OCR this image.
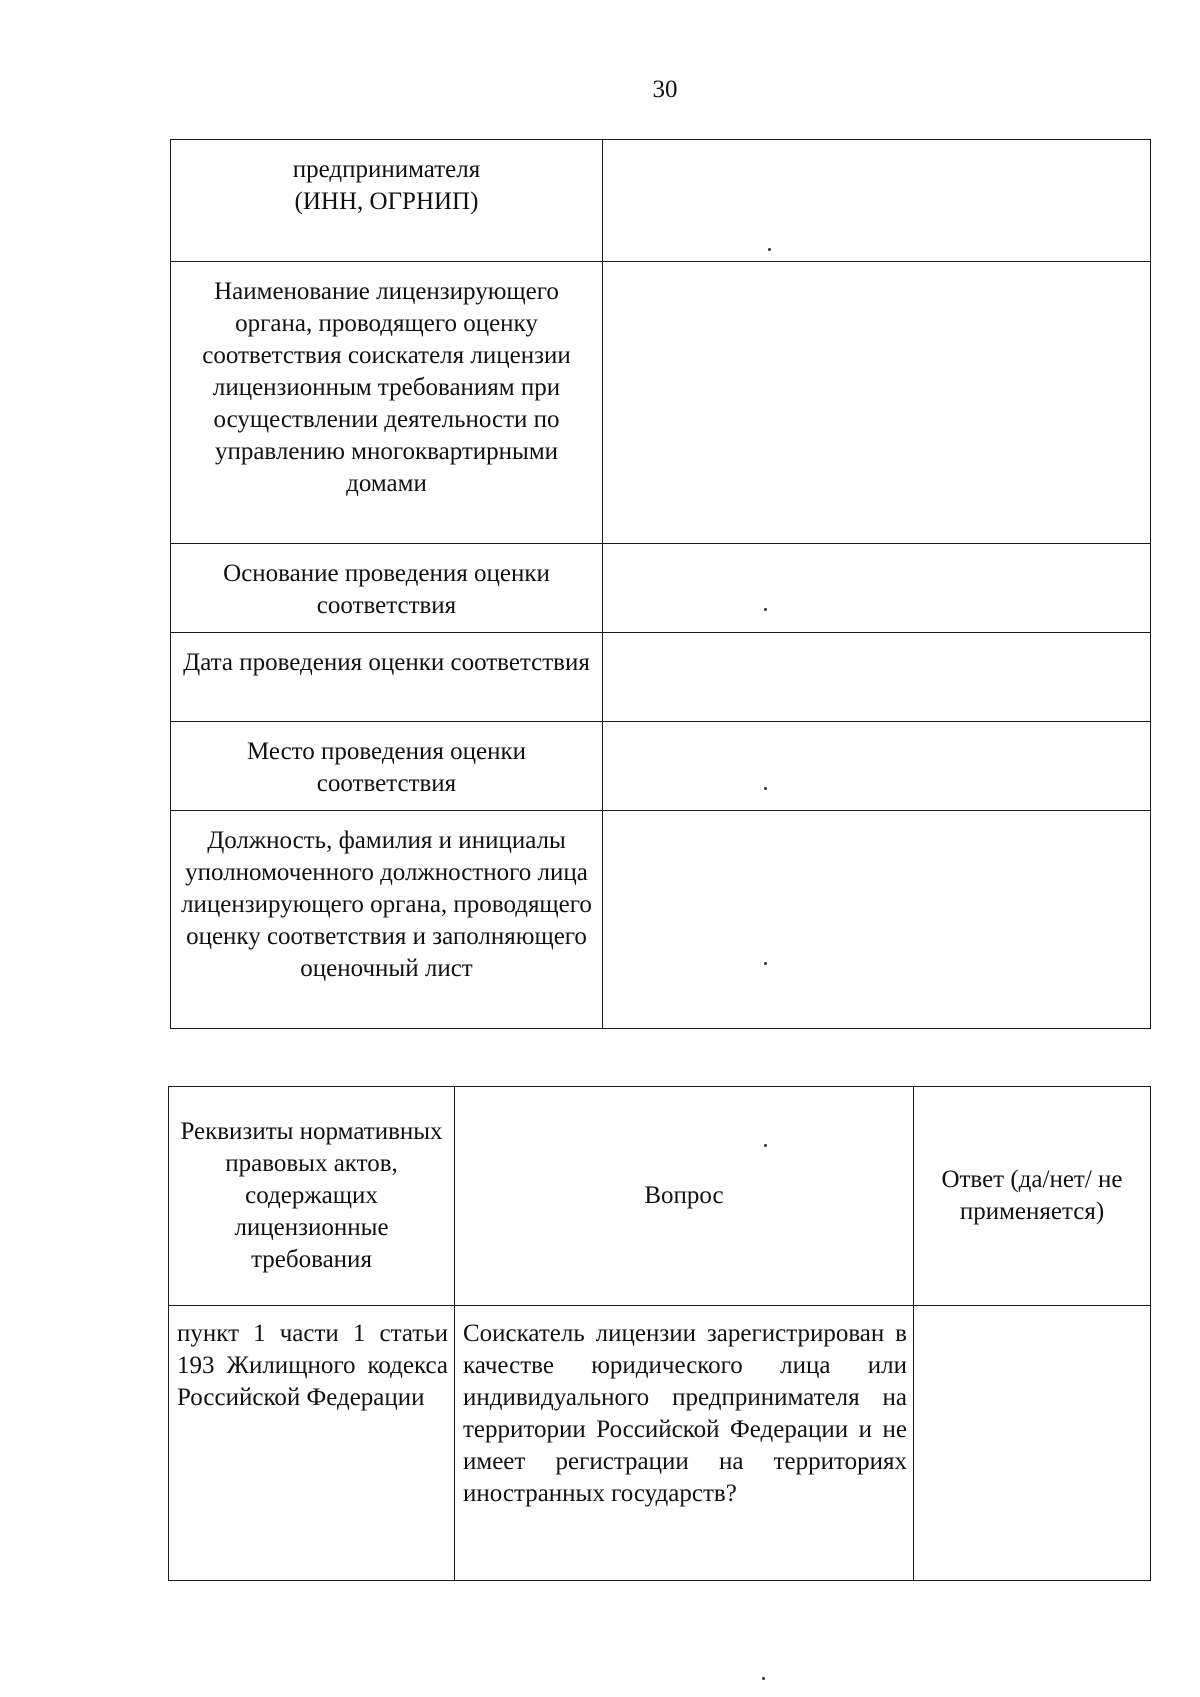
30
предпринимателя
(ИНН, ОГРНИП)	
Наименование лицензирующего органа, проводящего оценку соответствия соискателя лицензии лицензионным требованиям при осуществлении деятельности по управлению многоквартирными домами	
Основание проведения оценки соответствия	
Дата проведения оценки соответствия	
Место проведения оценки соответствия	
Должность, фамилия и инициалы уполномоченного должностного лица лицензирующего органа, проводящего оценку соответствия и заполняющего оценочный лист	
Реквизиты нормативных правовых актов, содержащих лицензионные требования	Вопрос	Ответ (да/нет/ не применяется)
пункт 1 части 1 статьи 193 Жилищного кодекса Российской Федерации	Соискатель лицензии зарегистрирован в качестве юридического лица или индивидуального предпринимателя на территории Российской Федерации и не имеет регистрации на территориях иностранных государств?	
